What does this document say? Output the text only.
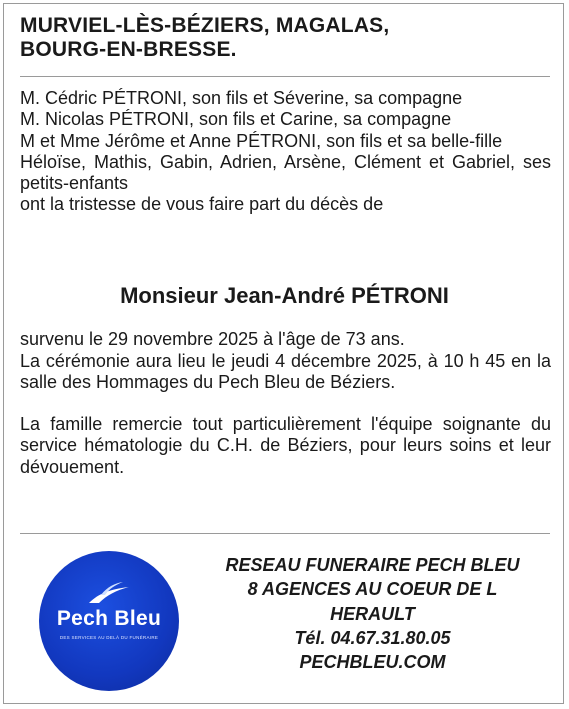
MURVIEL-LÈS-BÉZIERS, MAGALAS,
BOURG-EN-BRESSE.
M. Cédric PÉTRONI, son fils et Séverine, sa compagne
M. Nicolas PÉTRONI, son fils et Carine, sa compagne
M et Mme Jérôme et Anne PÉTRONI, son fils et sa belle-fille
Héloïse, Mathis, Gabin, Adrien, Arsène, Clément et Gabriel, ses petits-enfants
ont la tristesse de vous faire part du décès de
Monsieur Jean-André PÉTRONI

survenu le 29 novembre 2025 à l'âge de 73 ans.

La cérémonie aura lieu le jeudi 4 décembre 2025, à 10 h 45 en la salle des Hommages du Pech Bleu de Béziers.

La famille remercie tout particulièrement l'équipe soignante du service hématologie du C.H. de Béziers, pour leurs soins et leur dévouement.

Pech Bleu
DES SERVICES AU DELÀ DU FUNÉRAIRE
RESEAU FUNERAIRE PECH BLEU
8 AGENCES AU COEUR DE L
HERAULT
Tél. 04.67.31.80.05
PECHBLEU.COM
